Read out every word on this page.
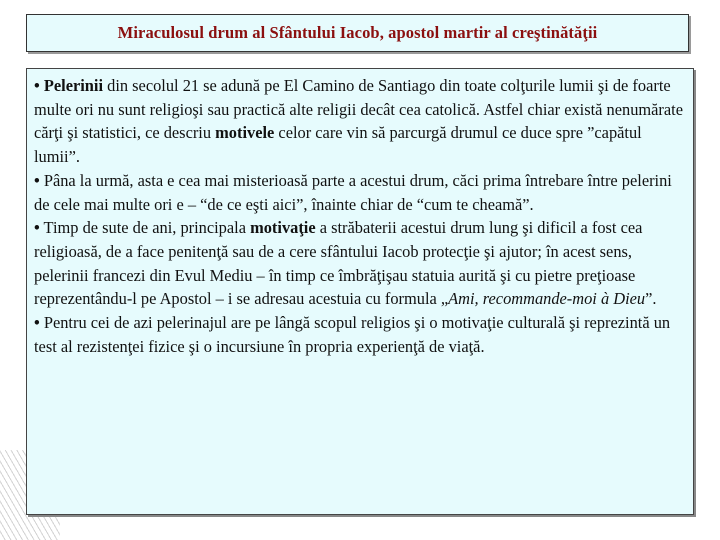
Miraculosul drum al Sfântului Iacob, apostol martir al creştinătăţii

• Pelerinii din secolul 21 se adună pe El Camino de Santiago din toate colţurile lumii şi de foarte multe ori nu sunt religioşi sau practică alte religii decât cea catolică. Astfel chiar există nenumărate cărţi şi statistici, ce descriu motivele celor care vin să parcurgă drumul ce duce spre ”capătul lumii”.

• Pâna la urmă, asta e cea mai misterioasă parte a acestui drum, căci prima întrebare între pelerini de cele mai multe ori e – “de ce eşti aici”, înainte chiar de “cum te cheamă”.

• Timp de sute de ani, principala motivaţie a străbaterii acestui drum lung şi dificil a fost cea religioasă, de a face penitenţă sau de a cere sfântului Iacob protecţie şi ajutor; în acest sens, pelerinii francezi din Evul Mediu – în timp ce îmbrăţişau statuia aurită şi cu pietre preţioase reprezentându-l pe Apostol – i se adresau acestuia cu formula „Ami, recommande-moi à Dieu”.

• Pentru cei de azi pelerinajul are pe lângă scopul religios şi o motivaţie culturală şi reprezintă un test al rezistenţei fizice şi o incursiune în propria experienţă de viaţă.
